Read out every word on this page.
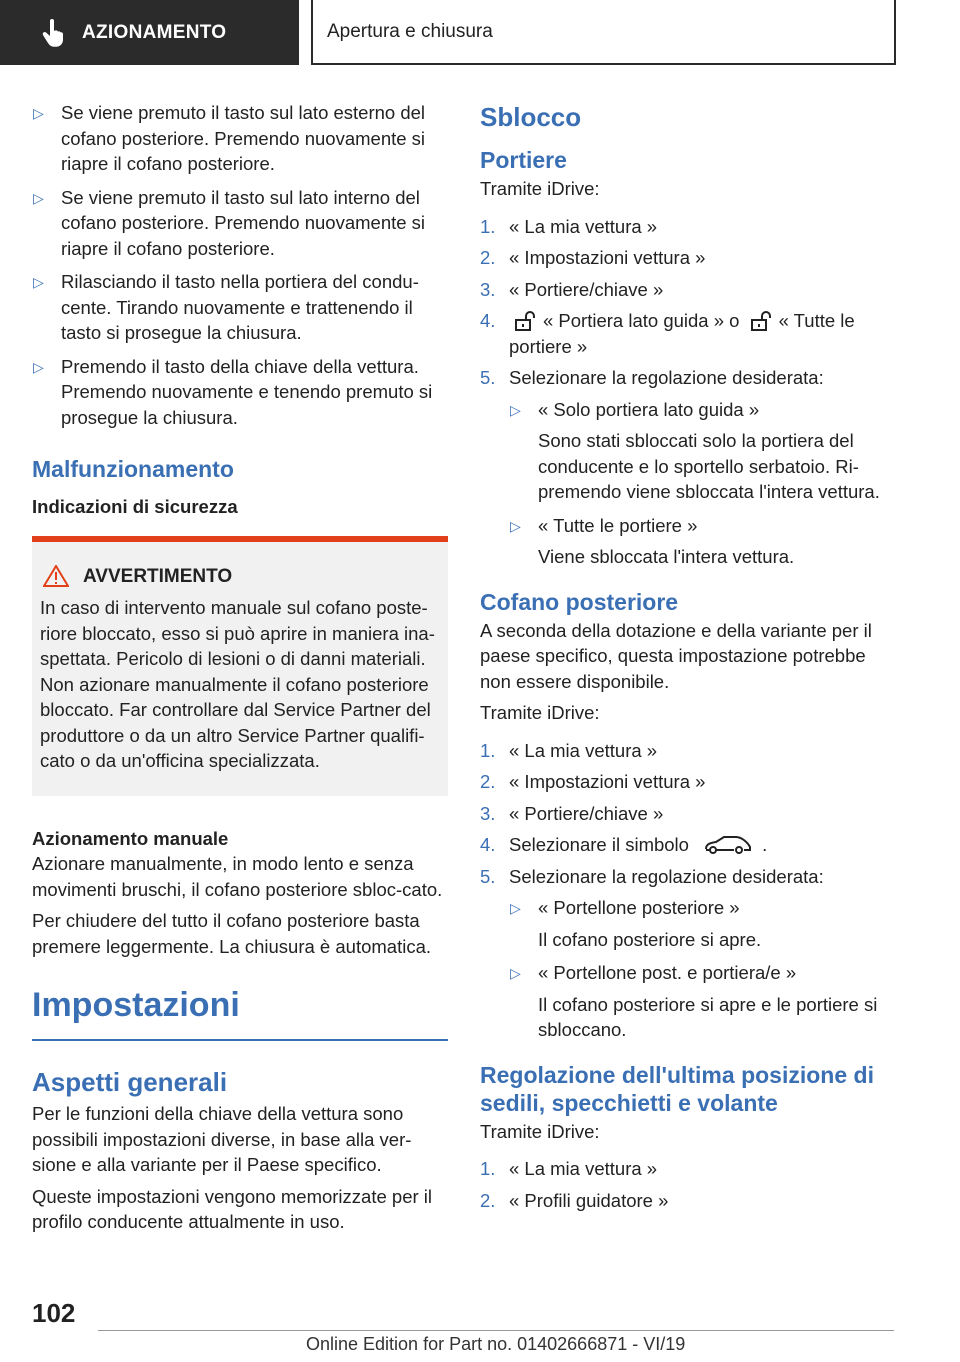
AZIONAMENTO	Apertura e chiusura
▷ Se viene premuto il tasto sul lato esterno del cofano posteriore. Premendo nuovamente si riapre il cofano posteriore.
▷ Se viene premuto il tasto sul lato interno del cofano posteriore. Premendo nuovamente si riapre il cofano posteriore.
▷ Rilasciando il tasto nella portiera del condu-cente. Tirando nuovamente e trattenendo il tasto si prosegue la chiusura.
▷ Premendo il tasto della chiave della vettura. Premendo nuovamente e tenendo premuto si prosegue la chiusura.
Malfunzionamento
Indicazioni di sicurezza
AVVERTIMENTO
In caso di intervento manuale sul cofano poste-riore bloccato, esso si può aprire in maniera ina-spettata. Pericolo di lesioni o di danni materiali. Non azionare manualmente il cofano posteriore bloccato. Far controllare dal Service Partner del produttore o da un altro Service Partner qualifi-cato o da un'officina specializzata.
Azionamento manuale
Azionare manualmente, in modo lento e senza movimenti bruschi, il cofano posteriore sbloc-cato.
Per chiudere del tutto il cofano posteriore basta premere leggermente. La chiusura è automatica.
Impostazioni
Aspetti generali
Per le funzioni della chiave della vettura sono possibili impostazioni diverse, in base alla ver-sione e alla variante per il Paese specifico.
Queste impostazioni vengono memorizzate per il profilo conducente attualmente in uso.
Sblocco
Portiere
Tramite iDrive:
1. « La mia vettura »
2. « Impostazioni vettura »
3. « Portiere/chiave »
4.	« Portiera lato guida » o « Tutte le portiere »
5. Selezionare la regolazione desiderata:
▷ « Solo portiera lato guida »
Sono stati sbloccati solo la portiera del conducente e lo sportello serbatoio. Ri-premendo viene sbloccata l'intera vettura.
▷ « Tutte le portiere »
Viene sbloccata l'intera vettura.
Cofano posteriore
A seconda della dotazione e della variante per il paese specifico, questa impostazione potrebbe non essere disponibile.
Tramite iDrive:
1. « La mia vettura »
2. « Impostazioni vettura »
3. « Portiere/chiave »
4. Selezionare il simbolo	.
5. Selezionare la regolazione desiderata:
▷ « Portellone posteriore »
Il cofano posteriore si apre.
▷ « Portellone post. e portiera/e »
Il cofano posteriore si apre e le portiere si sbloccano.
Regolazione dell'ultima posizione di sedili, specchietti e volante
Tramite iDrive:
1. « La mia vettura »
2. « Profili guidatore »
102
Online Edition for Part no. 01402666871 - VI/19
